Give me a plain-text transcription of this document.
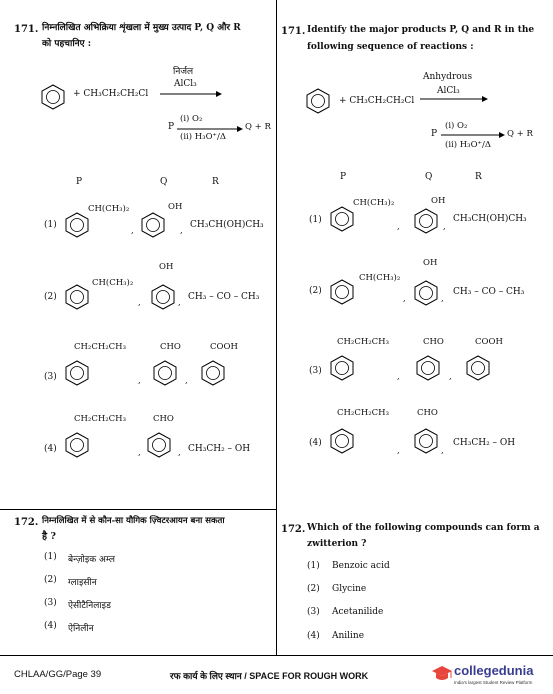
171. निम्नलिखित अभिक्रिया शृंखला में मुख्य उत्पाद P, Q और R
को पहचानिए :
+ CH₃CH₂CH₂Cl
निर्जल
AlCl₃
(i) O₂
P	Q + R
(ii) H₃O⁺/Δ
P	Q	R
(1)
CH(CH₃)₂
,
OH
,
CH₃CH(OH)CH₃
(2)
CH(CH₃)₂
,
OH
,
CH₃ – CO – CH₃
(3)
CH₂CH₂CH₃
,
CHO
,
COOH
(4)
CH₂CH₂CH₃
,
CHO
, CH₃CH₂ – OH
172. निम्नलिखित में से कौन-सा यौगिक ज़्विटरआयन बना सकता
है ?
(1) बेन्ज़ोइक अम्ल
(2) ग्लाइसीन
(3) ऐसीटैनिलाइड
(4) ऐनिलीन
171. Identify the major products P, Q and R in the
following sequence of reactions :
Anhydrous
AlCl₃
+ CH₃CH₂CH₂Cl
(i) O₂
P	Q + R
(ii) H₃O⁺/Δ
P	Q	R
(1)
CH(CH₃)₂
,
OH
,
CH₃CH(OH)CH₃
(2)
CH(CH₃)₂
,
OH
,
CH₃ – CO – CH₃
(3)
CH₂CH₂CH₃
,
CHO
,
COOH
(4)
CH₂CH₂CH₃
,
CHO
,
CH₃CH₂ – OH
172. Which of the following compounds can form a
zwitterion ?
(1) Benzoic acid
(2) Glycine
(3) Acetanilide
(4) Aniline
CHLAA/GG/Page 39	रफ कार्य के लिए स्थान / SPACE FOR ROUGH WORK	collegedunia
India's largest Student Review Platform
